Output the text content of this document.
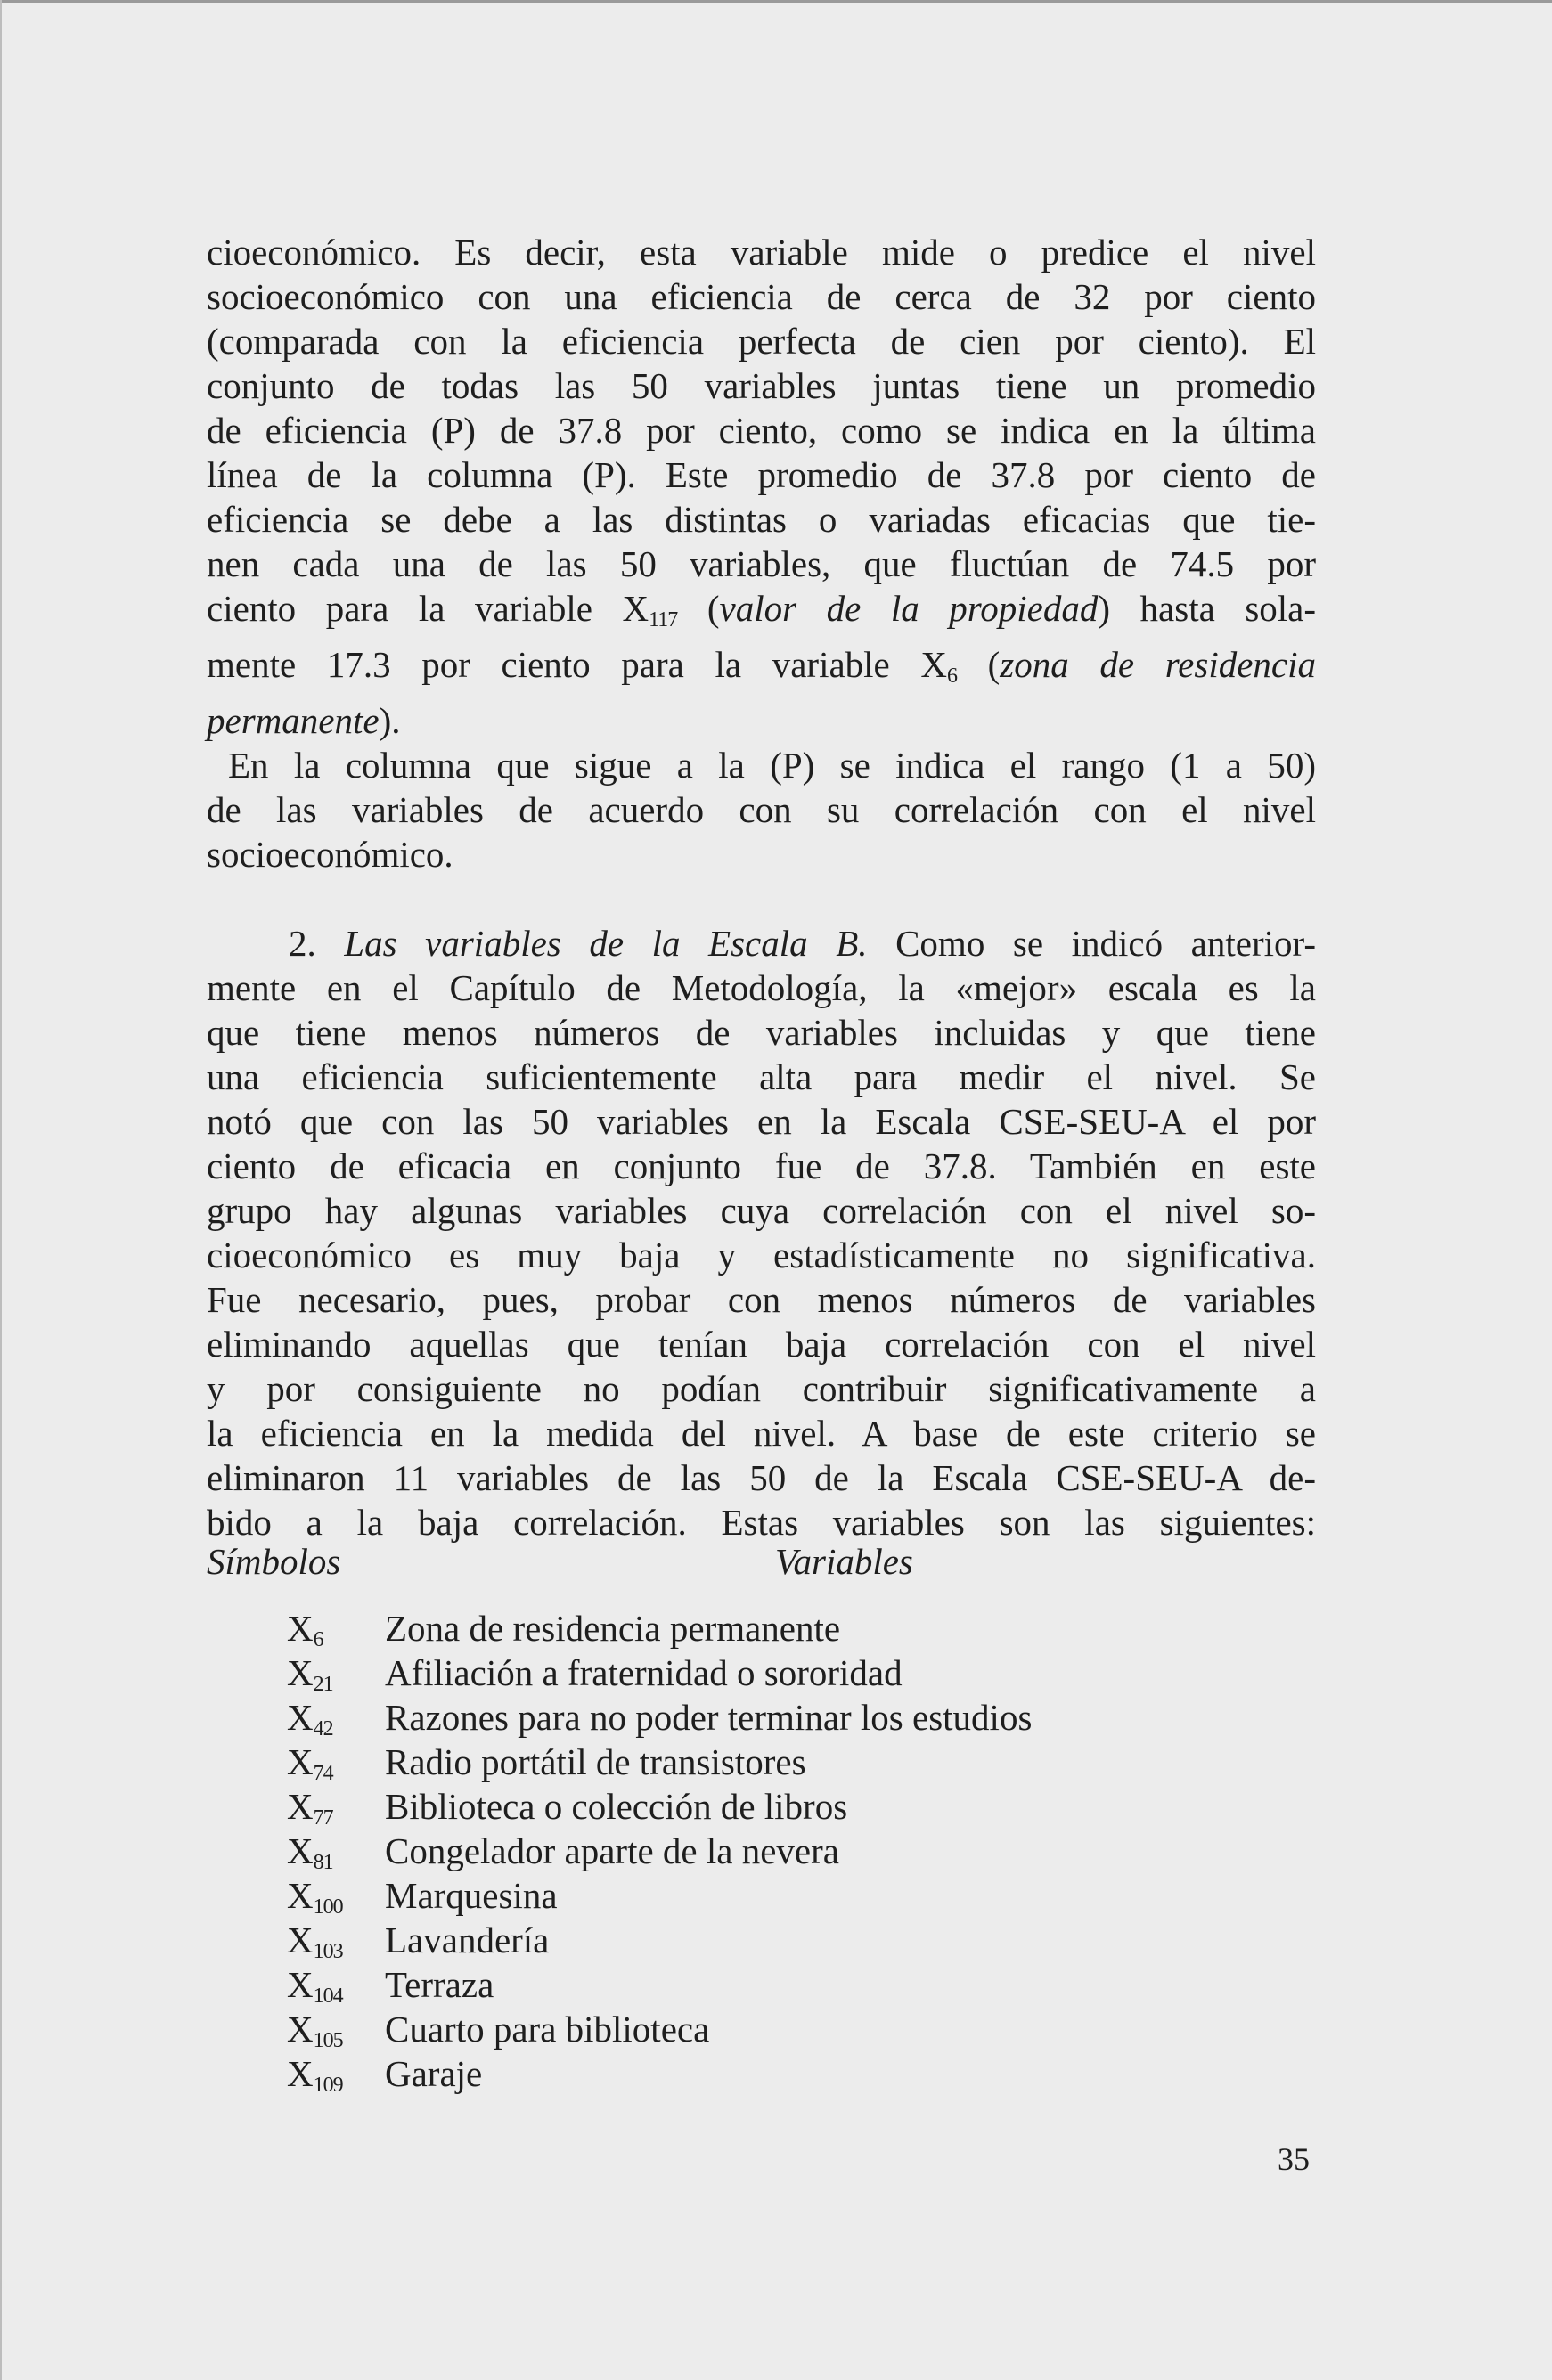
cioeconómico. Es decir, esta variable mide o predice el nivel
socioeconómico con una eficiencia de cerca de 32 por ciento
(comparada con la eficiencia perfecta de cien por ciento). El
conjunto de todas las 50 variables juntas tiene un promedio
de eficiencia (P) de 37.8 por ciento, como se indica en la última
línea de la columna (P). Este promedio de 37.8 por ciento de
eficiencia se debe a las distintas o variadas eficacias que tie-
nen cada una de las 50 variables, que fluctúan de 74.5 por
ciento para la variable $X_{117}$ (valor de la propiedad) hasta sola-
mente 17.3 por ciento para la variable $X_6$ (zona de residencia
permanente).

En la columna que sigue a la (P) se indica el rango (1 a 50)
de las variables de acuerdo con su correlación con el nivel
socioeconómico.

2. Las variables de la Escala B. Como se indicó anterior-
mente en el Capítulo de Metodología, la «mejor» escala es la
que tiene menos números de variables incluidas y que tiene
una eficiencia suficientemente alta para medir el nivel. Se
notó que con las 50 variables en la Escala CSE-SEU-A el por
ciento de eficacia en conjunto fue de 37.8. También en este
grupo hay algunas variables cuya correlación con el nivel so-
cioeconómico es muy baja y estadísticamente no significativa.
Fue necesario, pues, probar con menos números de variables
eliminando aquellas que tenían baja correlación con el nivel
y por consiguiente no podían contribuir significativamente a
la eficiencia en la medida del nivel. A base de este criterio se
eliminaron 11 variables de las 50 de la Escala CSE-SEU-A de-
bido a la baja correlación. Estas variables son las siguientes:

Símbolos	Variables
$X_6$	Zona de residencia permanente
$X_{21}$	Afiliación a fraternidad o sororidad
$X_{42}$	Razones para no poder terminar los estudios
$X_{74}$	Radio portátil de transistores
$X_{77}$	Biblioteca o colección de libros
$X_{81}$	Congelador aparte de la nevera
$X_{100}$	Marquesina
$X_{103}$	Lavandería
$X_{104}$	Terraza
$X_{105}$	Cuarto para biblioteca
$X_{109}$	Garaje
35
